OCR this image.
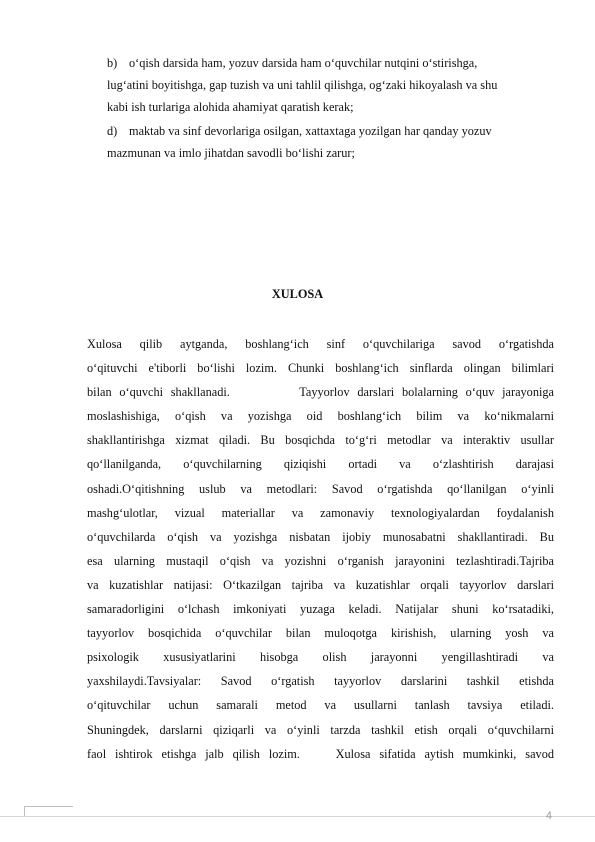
b) o‘qish darsida ham, yozuv darsida ham o‘quvchilar nutqini o‘stirishga,
lug‘atini boyitishga, gap tuzish va uni tahlil qilishga, og‘zaki hikoyalash va shu
kabi ish turlariga alohida ahamiyat qaratish kerak;
d) maktab va sinf devorlariga osilgan, xattaxtaga yozilgan har qanday yozuv
mazmunan va imlo jihatdan savodli bo‘lishi zarur;
XULOSA
Xulosa qilib aytganda, boshlang‘ich sinf o‘quvchilariga savod o‘rgatishda
o‘qituvchi e'tiborli bo‘lishi lozim. Chunki boshlang‘ich sinflarda olingan bilimlari
bilan o‘quvchi shakllanadi.         Tayyorlov darslari bolalarning o‘quv jarayoniga
moslashishiga, o‘qish va yozishga oid boshlang‘ich bilim va ko‘nikmalarni
shakllantirishga xizmat qiladi. Bu bosqichda to‘g‘ri metodlar va interaktiv usullar
qo‘llanilganda, o‘quvchilarning qiziqishi ortadi va o‘zlashtirish darajasi
oshadi.O‘qitishning uslub va metodlari: Savod o‘rgatishda qo‘llanilgan o‘yinli
mashg‘ulotlar, vizual materiallar va zamonaviy texnologiyalardan foydalanish
o‘quvchilarda o‘qish va yozishga nisbatan ijobiy munosabatni shakllantiradi. Bu
esa ularning mustaqil o‘qish va yozishni o‘rganish jarayonini tezlashtiradi.Tajriba
va kuzatishlar natijasi: O‘tkazilgan tajriba va kuzatishlar orqali tayyorlov darslari
samaradorligini o‘lchash imkoniyati yuzaga keladi. Natijalar shuni ko‘rsatadiki,
tayyorlov bosqichida o‘quvchilar bilan muloqotga kirishish, ularning yosh va
psixologik xususiyatlarini hisobga olish jarayonni yengillashtiradi va
yaxshilaydi.Tavsiyalar: Savod o‘rgatish tayyorlov darslarini tashkil etishda
o‘qituvchilar uchun samarali metod va usullarni tanlash tavsiya etiladi.
Shuningdek, darslarni qiziqarli va o‘yinli tarzda tashkil etish orqali o‘quvchilarni
faol ishtirok etishga jalb qilish lozim.    Xulosa sifatida aytish mumkinki, savod
4
